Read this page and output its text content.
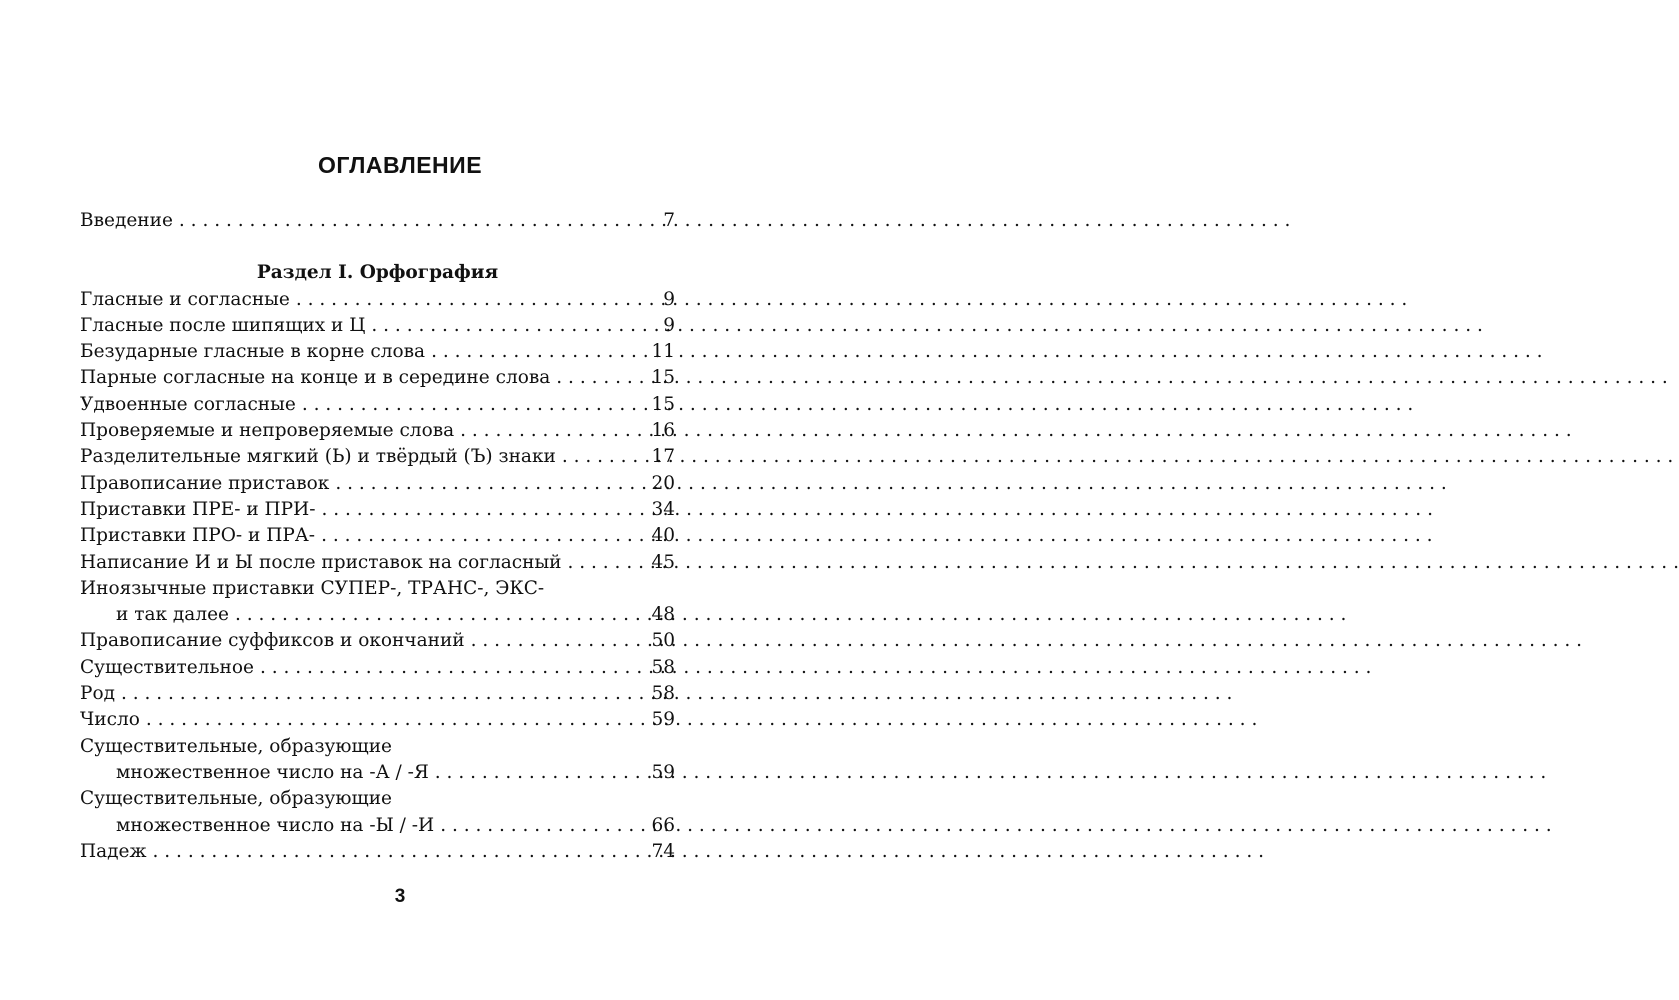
ОГЛАВЛЕНИЕ
Введение . . .	7
Раздел I. Орфография
Гласные и согласные . . .	9
Гласные после шипящих и Ц . . .	9
Безударные гласные в корне слова . . .	11
Парные согласные на конце и в середине слова . . .	15
Удвоенные согласные . . .	15
Проверяемые и непроверяемые слова . . .	16
Разделительные мягкий (Ь) и твёрдый (Ъ) знаки . . .	17
Правописание приставок . . .	20
Приставки ПРЕ- и ПРИ- . . .	34
Приставки ПРО- и ПРА- . . .	40
Написание И и Ы после приставок на согласный . . .	45
Иноязычные приставки СУПЕР-, ТРАНС-, ЭКС-
и так далее . . .	48
Правописание суффиксов и окончаний . . .	50
Существительное . . .	58
Род . . .	58
Число . . .	59
Существительные, образующие
множественное число на -А / -Я . . .	59
Существительные, образующие
множественное число на -Ы / -И . . .	66
Падеж . . .	74
3
